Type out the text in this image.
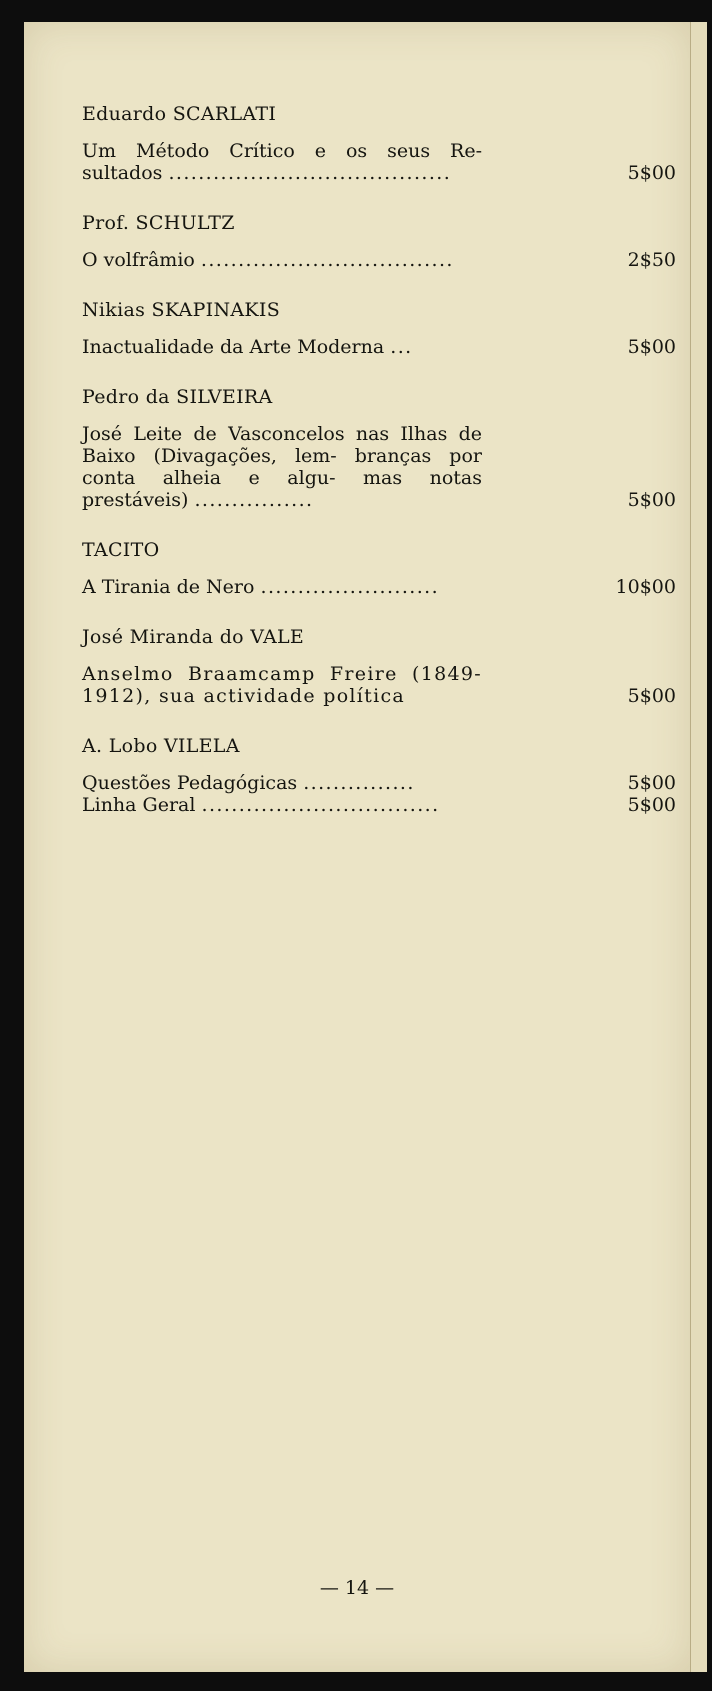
Eduardo SCARLATI
Um Método Crítico e os seus Re- sultados ......................................	5$00
Prof. SCHULTZ
O volfrâmio ..................................	2$50
Nikias SKAPINAKIS
Inactualidade da Arte Moderna ...	5$00
Pedro da SILVEIRA
José Leite de Vasconcelos nas Ilhas de Baixo (Divagações, lem- branças por conta alheia e algu- mas notas prestáveis) ................	5$00
TACITO
A Tirania de Nero ........................	10$00
José Miranda do VALE
Anselmo Braamcamp Freire (1849-1912), sua actividade política	5$00
A. Lobo VILELA
Questões Pedagógicas ...............	5$00
Linha Geral ................................	5$00
— 14 —
